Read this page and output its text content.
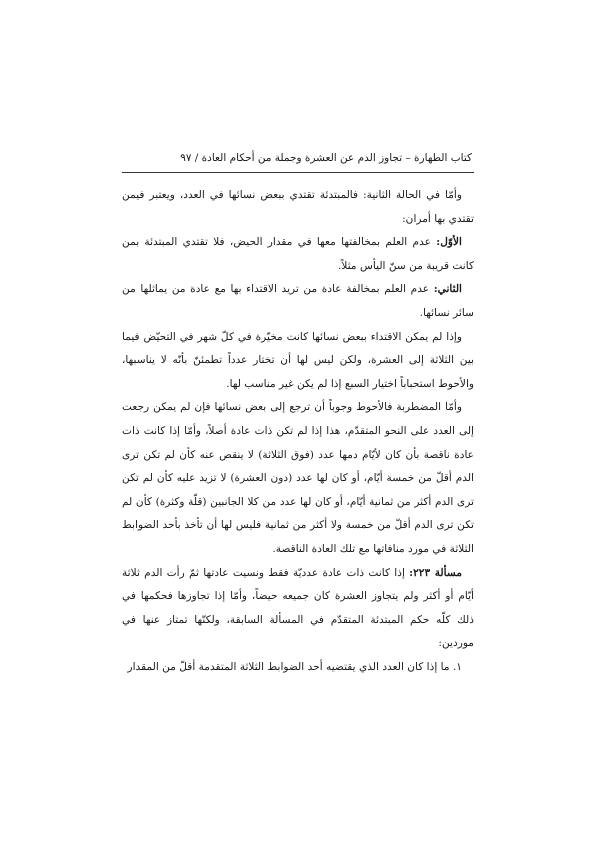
كتاب الطهارة – تجاوز الدم عن العشرة وجملة من أحكام العادة / ٩٧

وأمّا في الحالة الثانية: فالمبتدئة تقتدي ببعض نسائها في العدد، ويعتبر فيمن تقتدي بها أمران:

الأوّل: عدم العلم بمخالفتها معها في مقدار الحيض، فلا تقتدي المبتدئة بمن كانت قريبة من سنّ اليأس مثلاً.

الثاني: عدم العلم بمخالفة عادة من تريد الاقتداء بها مع عادة من يماثلها من سائر نسائها.

وإذا لم يمكن الاقتداء ببعض نسائها كانت مخيّرة في كلّ شهر في التحيّض فيما بين الثلاثة إلى العشرة، ولكن ليس لها أن تختار عدداً تطمئنّ بأنّه لا يناسبها، والأحوط استحباباً اختيار السبع إذا لم يكن غير مناسب لها.

وأمّا المضطربة فالأحوط وجوباً أن ترجع إلى بعض نسائها فإن لم يمكن رجعت إلى العدد على النحو المتقدّم، هذا إذا لم تكن ذات عادة أصلاً، وأمّا إذا كانت ذات عادة ناقصة بأن كان لأيّام دمها عدد (فوق الثلاثة) لا ينقص عنه كأن لم تكن ترى الدم أقلّ من خمسة أيّام، أو كان لها عدد (دون العشرة) لا تزيد عليه كأن لم تكن ترى الدم أكثر من ثمانية أيّام، أو كان لها عدد من كلا الجانبين (قلّة وكثرة) كأن لم تكن ترى الدم أقلّ من خمسة ولا أكثر من ثمانية فليس لها أن تأخذ بأحد الضوابط الثلاثة في مورد منافاتها مع تلك العادة الناقصة.

مسألة ٢٢٣: إذا كانت ذات عادة عدديّة فقط ونسيت عادتها ثمّ رأت الدم ثلاثة أيّام أو أكثر ولم يتجاوز العشرة كان جميعه حيضاً، وأمّا إذا تجاوزها فحكمها في ذلك كلّه حكم المبتدئة المتقدّم في المسألة السابقة، ولكنّها تمتاز عنها في موردين:

١. ما إذا كان العدد الذي يقتضيه أحد الضوابط الثلاثة المتقدمة أقلّ من المقدار
